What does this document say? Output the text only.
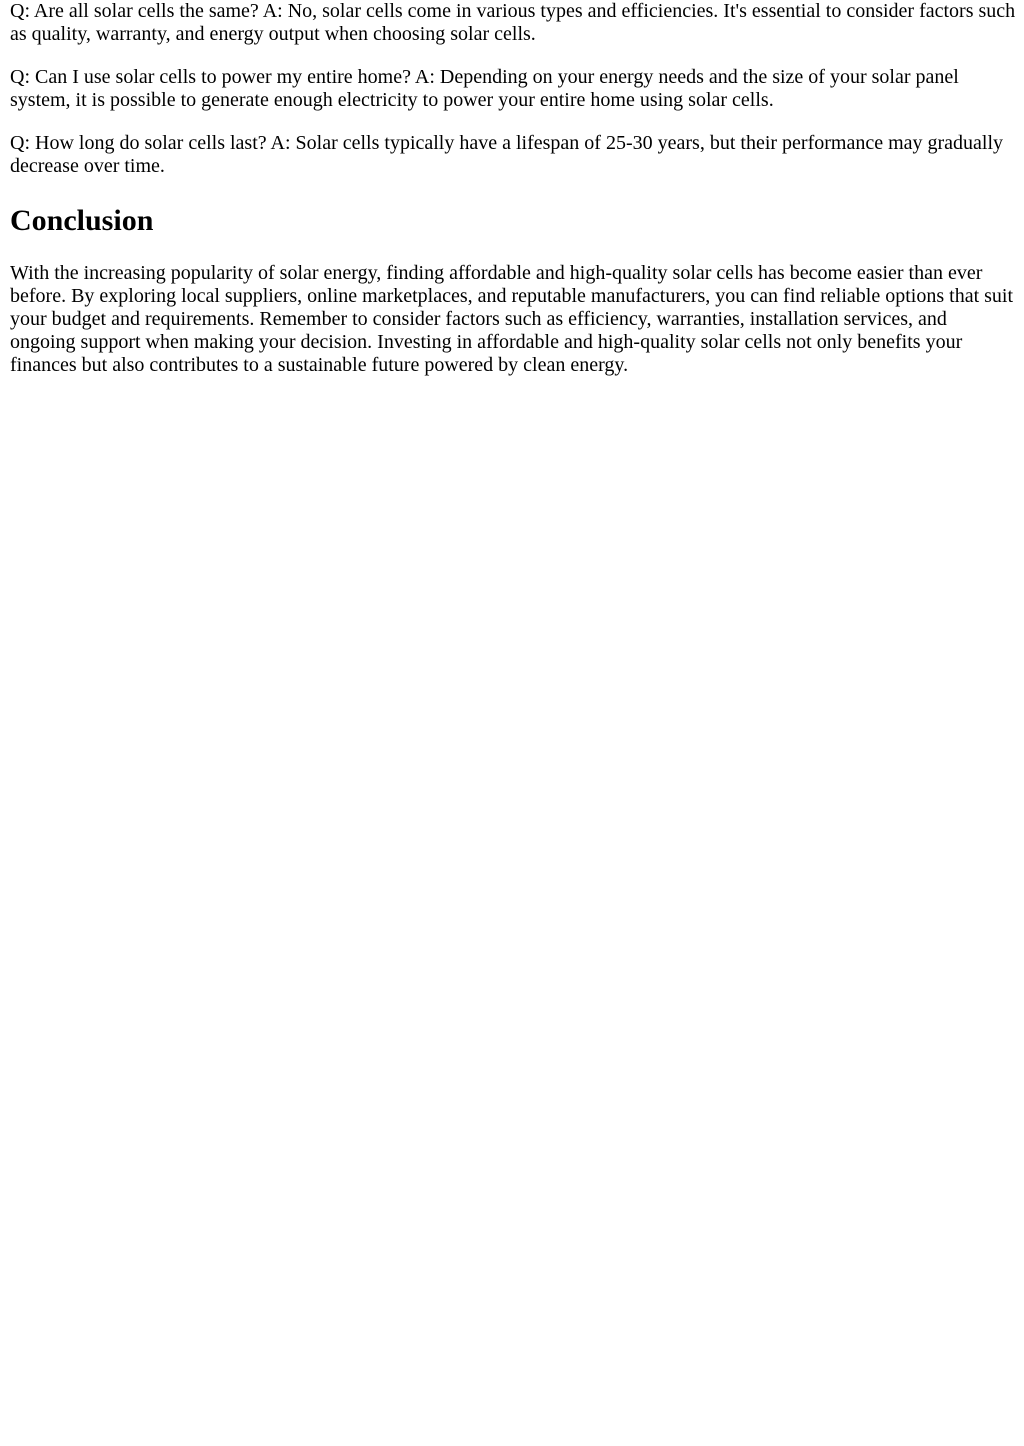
Q: Are all solar cells the same? A: No, solar cells come in various types and efficiencies. It's essential to consider factors such as quality, warranty, and energy output when choosing solar cells.

Q: Can I use solar cells to power my entire home? A: Depending on your energy needs and the size of your solar panel system, it is possible to generate enough electricity to power your entire home using solar cells.

Q: How long do solar cells last? A: Solar cells typically have a lifespan of 25-30 years, but their performance may gradually decrease over time.

Conclusion

With the increasing popularity of solar energy, finding affordable and high-quality solar cells has become easier than ever before. By exploring local suppliers, online marketplaces, and reputable manufacturers, you can find reliable options that suit your budget and requirements. Remember to consider factors such as efficiency, warranties, installation services, and ongoing support when making your decision. Investing in affordable and high-quality solar cells not only benefits your finances but also contributes to a sustainable future powered by clean energy.
